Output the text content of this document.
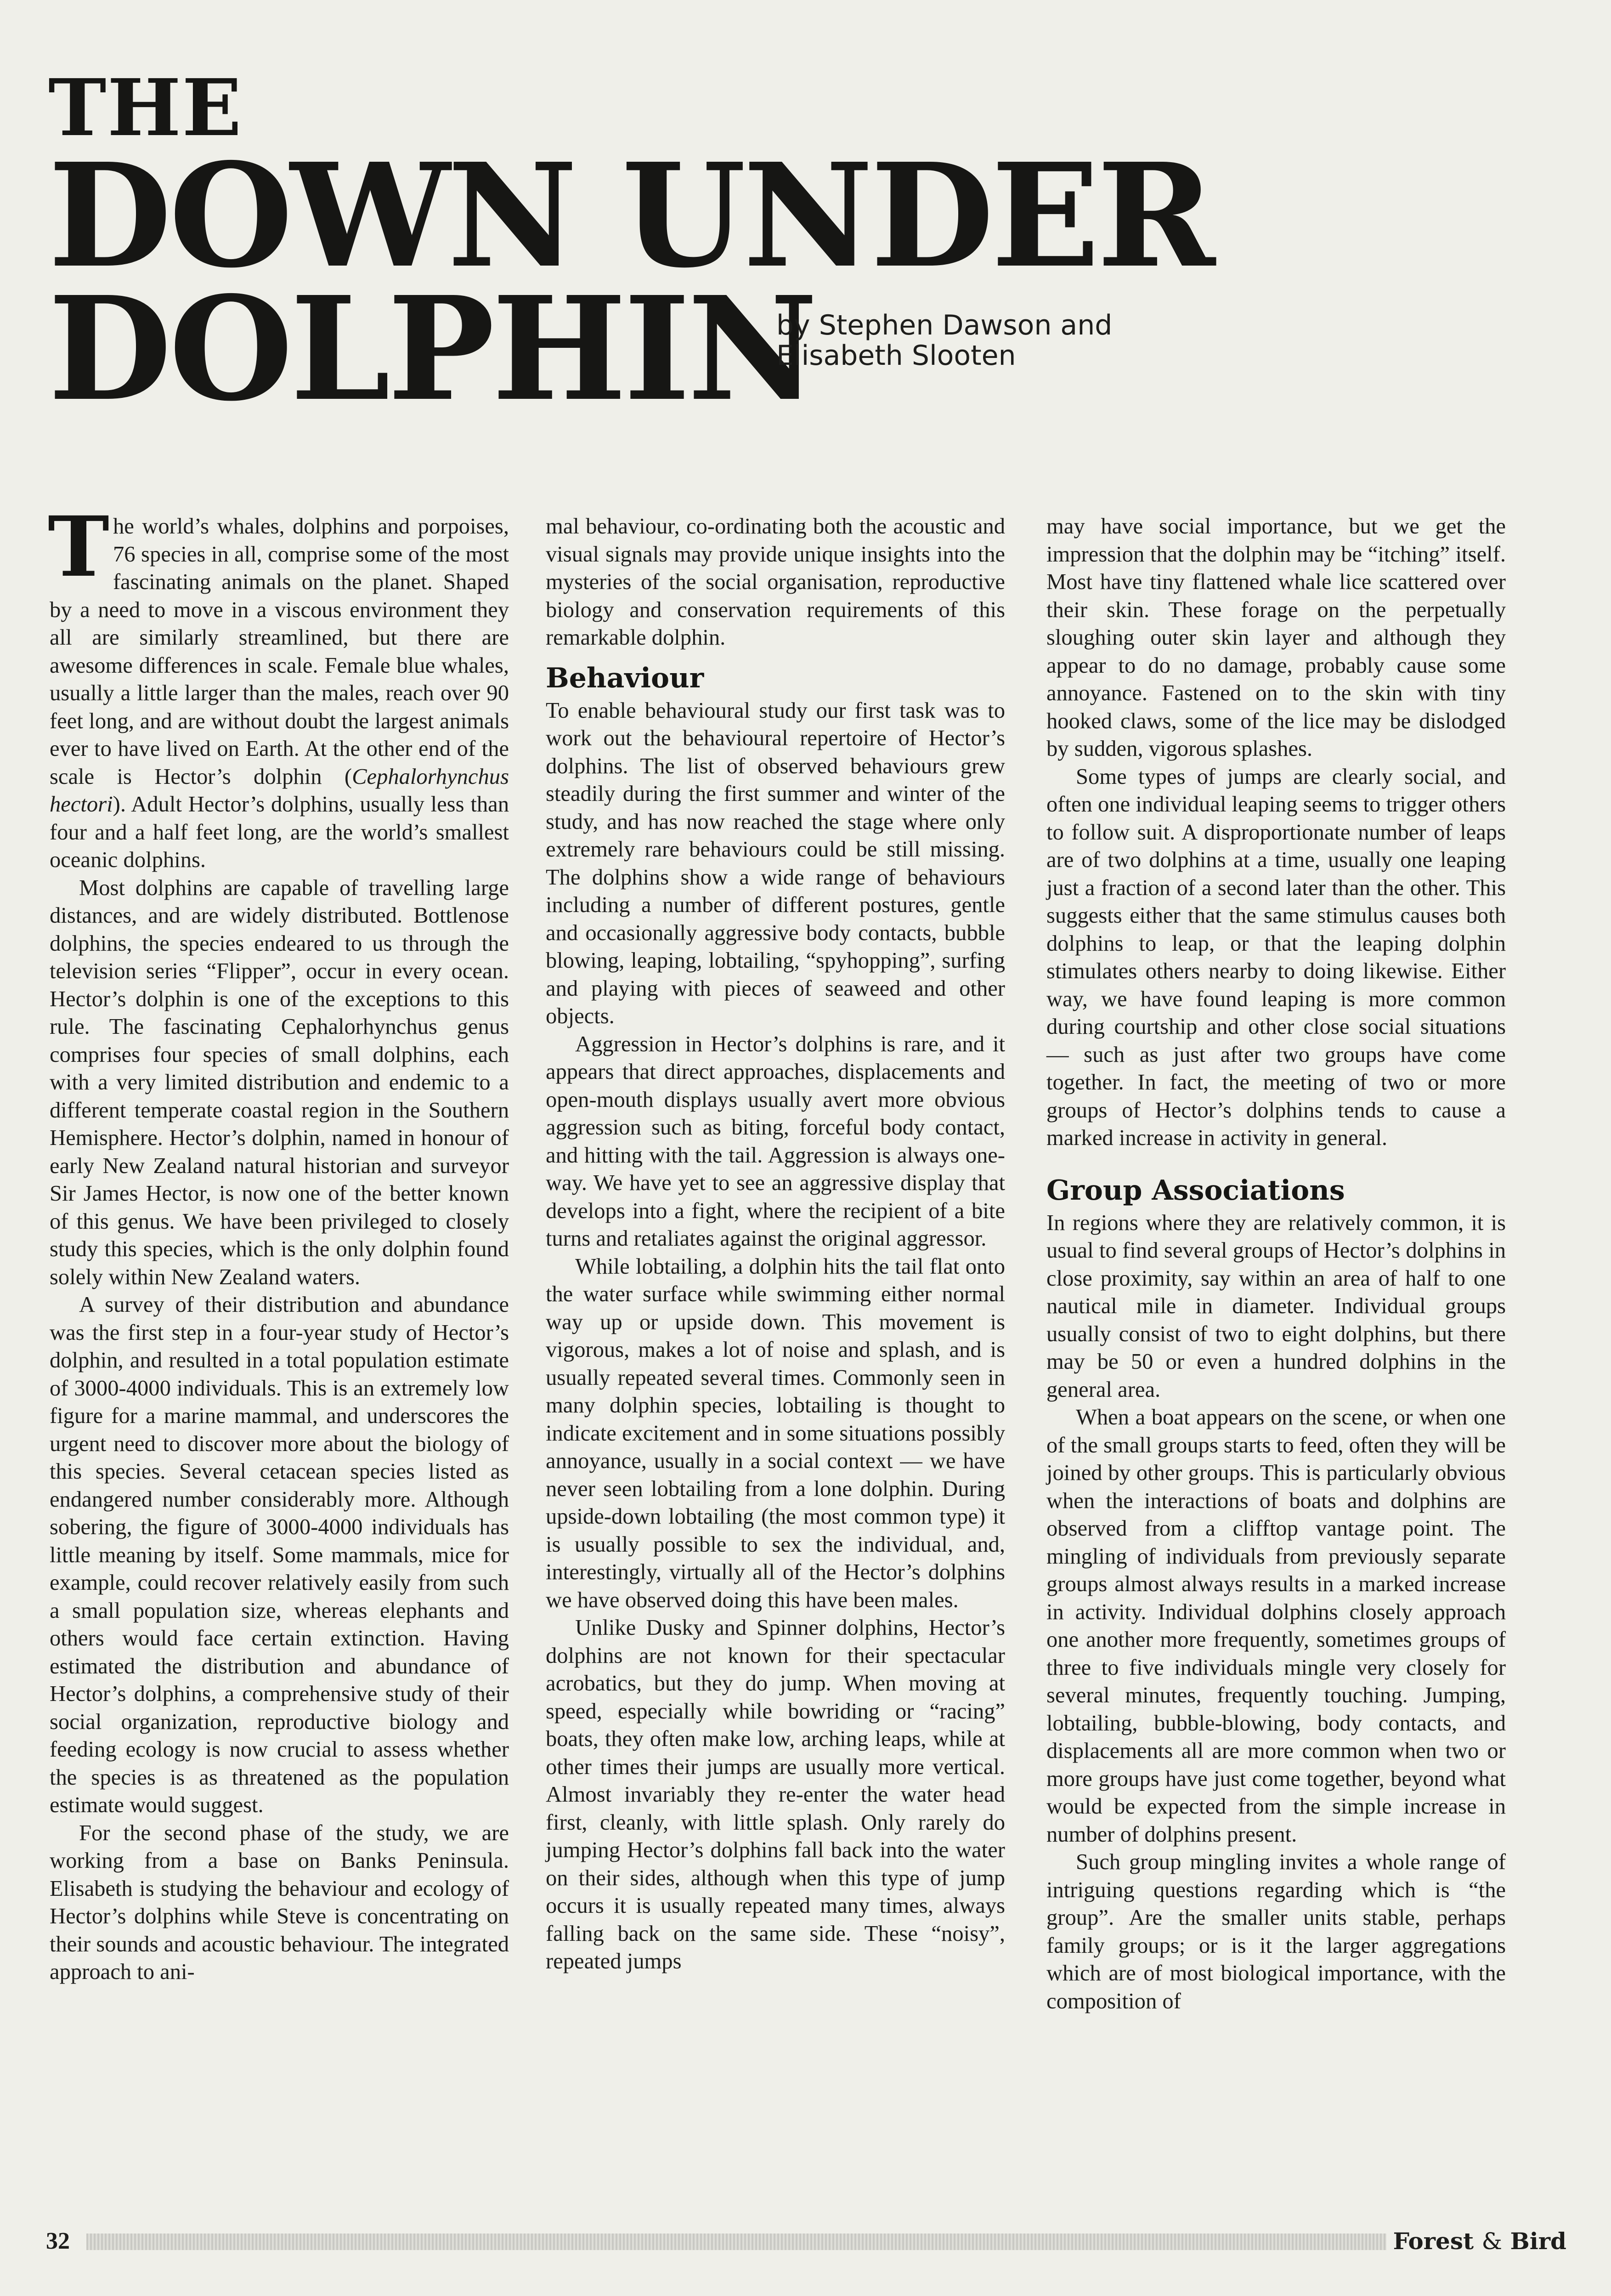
THE
DOWN UNDER
DOLPHIN
by Stephen Dawson and
Elisabeth Slooten

The world’s whales, dolphins and porpoises, 76 species in all, comprise some of the most fascinating animals on the planet. Shaped by a need to move in a viscous environment they all are similarly streamlined, but there are awesome differences in scale. Female blue whales, usually a little larger than the males, reach over 90 feet long, and are without doubt the largest animals ever to have lived on Earth. At the other end of the scale is Hector’s dolphin (Cephalorhynchus hectori). Adult Hector’s dolphins, usually less than four and a half feet long, are the world’s smallest oceanic dolphins.

Most dolphins are capable of travelling large distances, and are widely distributed. Bottlenose dolphins, the species endeared to us through the television series “Flipper”, occur in every ocean. Hector’s dolphin is one of the exceptions to this rule. The fascinating Cephalorhynchus genus comprises four species of small dolphins, each with a very limited distribution and endemic to a different temperate coastal region in the Southern Hemisphere. Hector’s dolphin, named in honour of early New Zealand natural historian and surveyor Sir James Hector, is now one of the better known of this genus. We have been privileged to closely study this species, which is the only dolphin found solely within New Zealand waters.

A survey of their distribution and abundance was the first step in a four-year study of Hector’s dolphin, and resulted in a total population estimate of 3000-4000 individuals. This is an extremely low figure for a marine mammal, and underscores the urgent need to discover more about the biology of this species. Several cetacean species listed as endangered number considerably more. Although sobering, the figure of 3000-4000 individuals has little meaning by itself. Some mammals, mice for example, could recover relatively easily from such a small population size, whereas elephants and others would face certain extinction. Having estimated the distribution and abundance of Hector’s dolphins, a comprehensive study of their social organization, reproductive biology and feeding ecology is now crucial to assess whether the species is as threatened as the population estimate would suggest.

For the second phase of the study, we are working from a base on Banks Peninsula. Elisabeth is studying the behaviour and ecology of Hector’s dolphins while Steve is concentrating on their sounds and acoustic behaviour. The integrated approach to ani-

mal behaviour, co-ordinating both the acoustic and visual signals may provide unique insights into the mysteries of the social organisation, reproductive biology and conservation requirements of this remarkable dolphin.

Behaviour

To enable behavioural study our first task was to work out the behavioural repertoire of Hector’s dolphins. The list of observed behaviours grew steadily during the first summer and winter of the study, and has now reached the stage where only extremely rare behaviours could be still missing. The dolphins show a wide range of behaviours including a number of different postures, gentle and occasionally aggressive body contacts, bubble blowing, leaping, lobtailing, “spyhopping”, surfing and playing with pieces of seaweed and other objects.

Aggression in Hector’s dolphins is rare, and it appears that direct approaches, displacements and open-mouth displays usually avert more obvious aggression such as biting, forceful body contact, and hitting with the tail. Aggression is always one-way. We have yet to see an aggressive display that develops into a fight, where the recipient of a bite turns and retaliates against the original aggressor.

While lobtailing, a dolphin hits the tail flat onto the water surface while swimming either normal way up or upside down. This movement is vigorous, makes a lot of noise and splash, and is usually repeated several times. Commonly seen in many dolphin species, lobtailing is thought to indicate excitement and in some situations possibly annoyance, usually in a social context — we have never seen lobtailing from a lone dolphin. During upside-down lobtailing (the most common type) it is usually possible to sex the individual, and, interestingly, virtually all of the Hector’s dolphins we have observed doing this have been males.

Unlike Dusky and Spinner dolphins, Hector’s dolphins are not known for their spectacular acrobatics, but they do jump. When moving at speed, especially while bowriding or “racing” boats, they often make low, arching leaps, while at other times their jumps are usually more vertical. Almost invariably they re-enter the water head first, cleanly, with little splash. Only rarely do jumping Hector’s dolphins fall back into the water on their sides, although when this type of jump occurs it is usually repeated many times, always falling back on the same side. These “noisy”, repeated jumps

may have social importance, but we get the impression that the dolphin may be “itching” itself. Most have tiny flattened whale lice scattered over their skin. These forage on the perpetually sloughing outer skin layer and although they appear to do no damage, probably cause some annoyance. Fastened on to the skin with tiny hooked claws, some of the lice may be dislodged by sudden, vigorous splashes.

Some types of jumps are clearly social, and often one individual leaping seems to trigger others to follow suit. A disproportionate number of leaps are of two dolphins at a time, usually one leaping just a fraction of a second later than the other. This suggests either that the same stimulus causes both dolphins to leap, or that the leaping dolphin stimulates others nearby to doing likewise. Either way, we have found leaping is more common during courtship and other close social situations — such as just after two groups have come together. In fact, the meeting of two or more groups of Hector’s dolphins tends to cause a marked increase in activity in general.

Group Associations

In regions where they are relatively common, it is usual to find several groups of Hector’s dolphins in close proximity, say within an area of half to one nautical mile in diameter. Individual groups usually consist of two to eight dolphins, but there may be 50 or even a hundred dolphins in the general area.

When a boat appears on the scene, or when one of the small groups starts to feed, often they will be joined by other groups. This is particularly obvious when the interactions of boats and dolphins are observed from a clifftop vantage point. The mingling of individuals from previously separate groups almost always results in a marked increase in activity. Individual dolphins closely approach one another more frequently, sometimes groups of three to five individuals mingle very closely for several minutes, frequently touching. Jumping, lobtailing, bubble-blowing, body contacts, and displacements all are more common when two or more groups have just come together, beyond what would be expected from the simple increase in number of dolphins present.

Such group mingling invites a whole range of intriguing questions regarding which is “the group”. Are the smaller units stable, perhaps family groups; or is it the larger aggregations which are of most biological importance, with the composition of

32	Forest & Bird
